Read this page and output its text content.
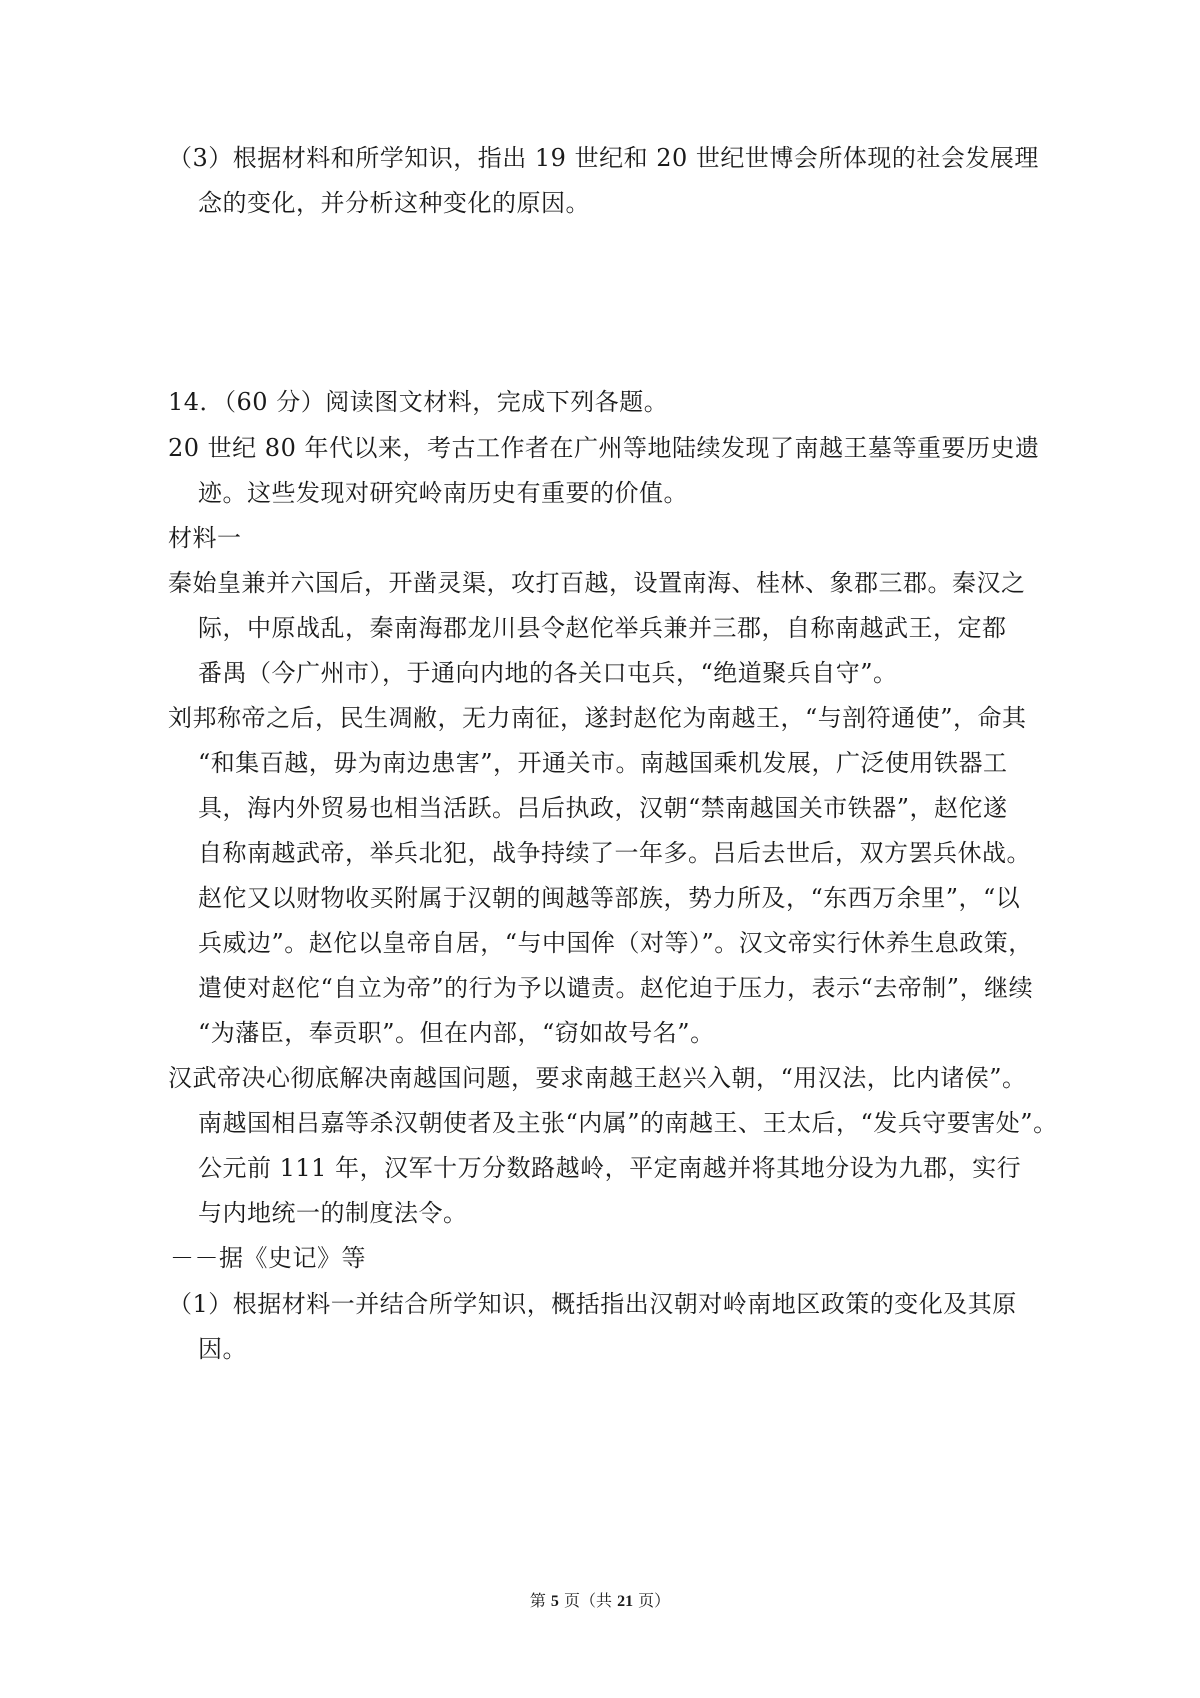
（3）根据材料和所学知识，指出 19 世纪和 20 世纪世博会所体现的社会发展理
念的变化，并分析这种变化的原因。
14．（60 分）阅读图文材料，完成下列各题。
20 世纪 80 年代以来，考古工作者在广州等地陆续发现了南越王墓等重要历史遗
迹。这些发现对研究岭南历史有重要的价值。
材料一
秦始皇兼并六国后，开凿灵渠，攻打百越，设置南海、桂林、象郡三郡。秦汉之
际，中原战乱，秦南海郡龙川县令赵佗举兵兼并三郡，自称南越武王，定都
番禺（今广州市），于通向内地的各关口屯兵，“绝道聚兵自守”。
刘邦称帝之后，民生凋敝，无力南征，遂封赵佗为南越王，“与剖符通使”，命其
“和集百越，毋为南边患害”，开通关市。南越国乘机发展，广泛使用铁器工
具，海内外贸易也相当活跃。吕后执政，汉朝“禁南越国关市铁器”，赵佗遂
自称南越武帝，举兵北犯，战争持续了一年多。吕后去世后，双方罢兵休战。
赵佗又以财物收买附属于汉朝的闽越等部族，势力所及，“东西万余里”，“以
兵威边”。赵佗以皇帝自居，“与中国侔（对等）”。汉文帝实行休养生息政策，
遣使对赵佗“自立为帝”的行为予以谴责。赵佗迫于压力，表示“去帝制”，继续
“为藩臣，奉贡职”。但在内部，“窃如故号名”。
汉武帝决心彻底解决南越国问题，要求南越王赵兴入朝，“用汉法，比内诸侯”。
南越国相吕嘉等杀汉朝使者及主张“内属”的南越王、王太后，“发兵守要害处”。
公元前 111 年，汉军十万分数路越岭，平定南越并将其地分设为九郡，实行
与内地统一的制度法令。
－－据《史记》等
（1）根据材料一并结合所学知识，概括指出汉朝对岭南地区政策的变化及其原
因。
第 5 页（共 21 页）
